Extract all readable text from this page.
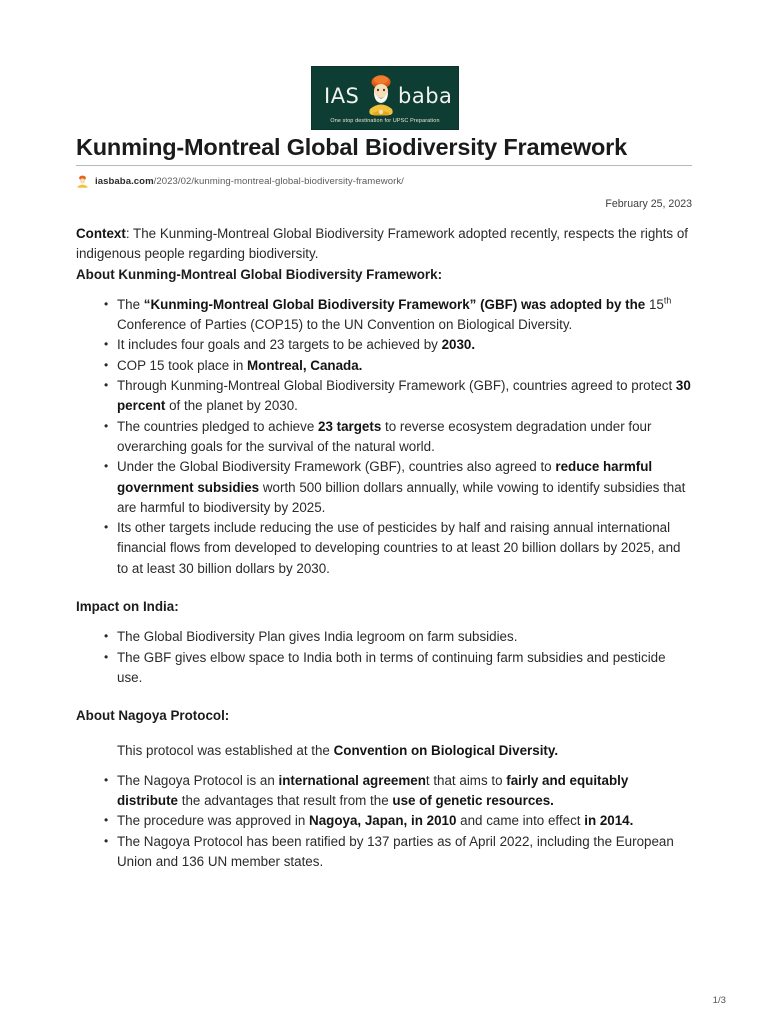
IAS baba
One stop destination for UPSC Preparation
Kunming-Montreal Global Biodiversity Framework
iasbaba.com/2023/02/kunming-montreal-global-biodiversity-framework/
February 25, 2023

Context: The Kunming-Montreal Global Biodiversity Framework adopted recently, respects the rights of indigenous people regarding biodiversity.

About Kunming-Montreal Global Biodiversity Framework:
• The “Kunming-Montreal Global Biodiversity Framework” (GBF) was adopted by the 15th Conference of Parties (COP15) to the UN Convention on Biological Diversity.
• It includes four goals and 23 targets to be achieved by 2030.
• COP 15 took place in Montreal, Canada.
• Through Kunming-Montreal Global Biodiversity Framework (GBF), countries agreed to protect 30 percent of the planet by 2030.
• The countries pledged to achieve 23 targets to reverse ecosystem degradation under four overarching goals for the survival of the natural world.
• Under the Global Biodiversity Framework (GBF), countries also agreed to reduce harmful government subsidies worth 500 billion dollars annually, while vowing to identify subsidies that are harmful to biodiversity by 2025.
• Its other targets include reducing the use of pesticides by half and raising annual international financial flows from developed to developing countries to at least 20 billion dollars by 2025, and to at least 30 billion dollars by 2030.
Impact on India:
• The Global Biodiversity Plan gives India legroom on farm subsidies.
• The GBF gives elbow space to India both in terms of continuing farm subsidies and pesticide use.
About Nagoya Protocol:

This protocol was established at the Convention on Biological Diversity.

• The Nagoya Protocol is an international agreement that aims to fairly and equitably distribute the advantages that result from the use of genetic resources.
• The procedure was approved in Nagoya, Japan, in 2010 and came into effect in 2014.
• The Nagoya Protocol has been ratified by 137 parties as of April 2022, including the European Union and 136 UN member states.
1/3
